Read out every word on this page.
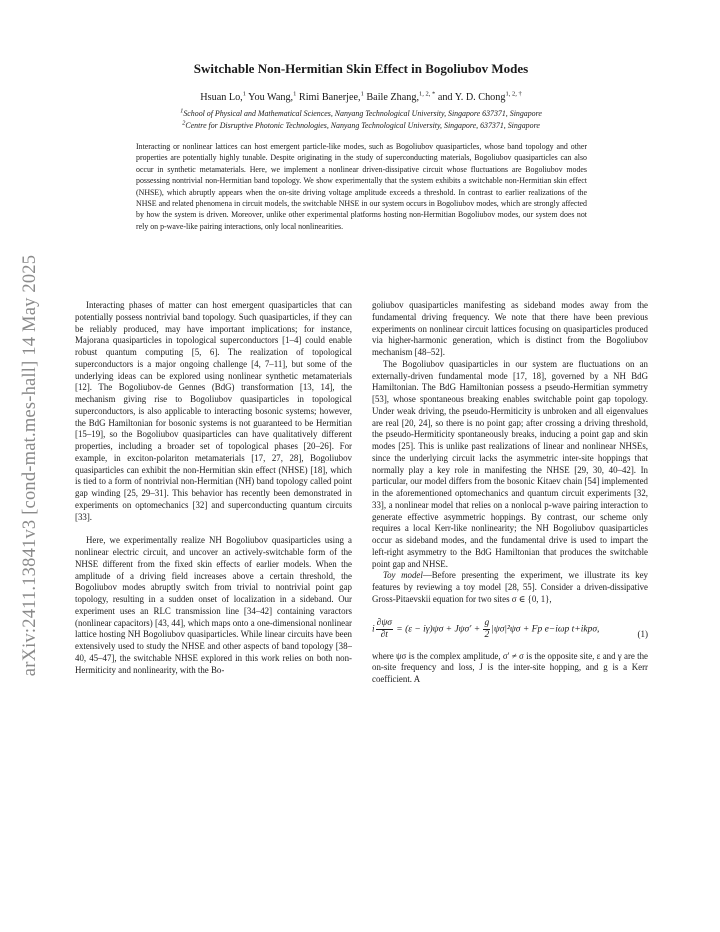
arXiv:2411.13841v3 [cond-mat.mes-hall] 14 May 2025
Switchable Non-Hermitian Skin Effect in Bogoliubov Modes
Hsuan Lo,$^1$ You Wang,$^1$ Rimi Banerjee,$^1$ Baile Zhang,$^{1, 2, *}$ and Y. D. Chong$^{1, 2, \dagger}$
$^1$School of Physical and Mathematical Sciences, Nanyang Technological University, Singapore 637371, Singapore
$^2$Centre for Disruptive Photonic Technologies, Nanyang Technological University, Singapore, 637371, Singapore
Interacting or nonlinear lattices can host emergent particle-like modes, such as Bogoliubov quasiparticles, whose band topology and other properties are potentially highly tunable. Despite originating in the study of superconducting materials, Bogoliubov quasiparticles can also occur in synthetic metamaterials. Here, we implement a nonlinear driven-dissipative circuit whose fluctuations are Bogoliubov modes possessing nontrivial non-Hermitian band topology. We show experimentally that the system exhibits a switchable non-Hermitian skin effect (NHSE), which abruptly appears when the on-site driving voltage amplitude exceeds a threshold. In contrast to earlier realizations of the NHSE and related phenomena in circuit models, the switchable NHSE in our system occurs in Bogoliubov modes, which are strongly affected by how the system is driven. Moreover, unlike other experimental platforms hosting non-Hermitian Bogoliubov modes, our system does not rely on p-wave-like pairing interactions, only local nonlinearities.

Interacting phases of matter can host emergent quasiparticles that can potentially possess nontrivial band topology. Such quasiparticles, if they can be reliably produced, may have important implications; for instance, Majorana quasiparticles in topological superconductors [1–4] could enable robust quantum computing [5, 6]. The realization of topological superconductors is a major ongoing challenge [4, 7–11], but some of the underlying ideas can be explored using nonlinear synthetic metamaterials [12]. The Bogoliubov-de Gennes (BdG) transformation [13, 14], the mechanism giving rise to Bogoliubov quasiparticles in topological superconductors, is also applicable to interacting bosonic systems; however, the BdG Hamiltonian for bosonic systems is not guaranteed to be Hermitian [15–19], so the Bogoliubov quasiparticles can have qualitatively different properties, including a broader set of topological phases [20–26]. For example, in exciton-polariton metamaterials [17, 27, 28], Bogoliubov quasiparticles can exhibit the non-Hermitian skin effect (NHSE) [18], which is tied to a form of nontrivial non-Hermitian (NH) band topology called point gap winding [25, 29–31]. This behavior has recently been demonstrated in experiments on optomechanics [32] and superconducting quantum circuits [33].

Here, we experimentally realize NH Bogoliubov quasiparticles using a nonlinear electric circuit, and uncover an actively-switchable form of the NHSE different from the fixed skin effects of earlier models. When the amplitude of a driving field increases above a certain threshold, the Bogoliubov modes abruptly switch from trivial to nontrivial point gap topology, resulting in a sudden onset of localization in a sideband. Our experiment uses an RLC transmission line [34–42] containing varactors (nonlinear capacitors) [43, 44], which maps onto a one-dimensional nonlinear lattice hosting NH Bogoliubov quasiparticles. While linear circuits have been extensively used to study the NHSE and other aspects of band topology [38–40, 45–47], the switchable NHSE explored in this work relies on both non-Hermiticity and nonlinearity, with the Bo-

goliubov quasiparticles manifesting as sideband modes away from the fundamental driving frequency. We note that there have been previous experiments on nonlinear circuit lattices focusing on quasiparticles produced via higher-harmonic generation, which is distinct from the Bogoliubov mechanism [48–52].

The Bogoliubov quasiparticles in our system are fluctuations on an externally-driven fundamental mode [17, 18], governed by a NH BdG Hamiltonian. The BdG Hamiltonian possess a pseudo-Hermitian symmetry [53], whose spontaneous breaking enables switchable point gap topology. Under weak driving, the pseudo-Hermiticity is unbroken and all eigenvalues are real [20, 24], so there is no point gap; after crossing a driving threshold, the pseudo-Hermiticity spontaneously breaks, inducing a point gap and skin modes [25]. This is unlike past realizations of linear and nonlinear NHSEs, since the underlying circuit lacks the asymmetric inter-site hoppings that normally play a key role in manifesting the NHSE [29, 30, 40–42]. In particular, our model differs from the bosonic Kitaev chain [54] implemented in the aforementioned optomechanics and quantum circuit experiments [32, 33], a nonlinear model that relies on a nonlocal p-wave pairing interaction to generate effective asymmetric hoppings. By contrast, our scheme only requires a local Kerr-like nonlinearity; the NH Bogoliubov quasiparticles occur as sideband modes, and the fundamental drive is used to impart the left-right asymmetry to the BdG Hamiltonian that produces the switchable point gap and NHSE.

Toy model—Before presenting the experiment, we illustrate its key features by reviewing a toy model [28, 55]. Consider a driven-dissipative Gross-Pitaevskii equation for two sites σ ∈ {0, 1},

i $\frac{\partial\psi\sigma}{\partial t} = (\varepsilon - i\gamma)\psi\sigma + J\psi\sigma' + \frac{g}{2} |\psi\sigma|^2\psi\sigma + Fp$ e−iωp t+ikpσ,	(1)

where ψσ is the complex amplitude, σ′ ≠ σ is the opposite site, ε and γ are the on-site frequency and loss, J is the inter-site hopping, and g is a Kerr coefficient. A
